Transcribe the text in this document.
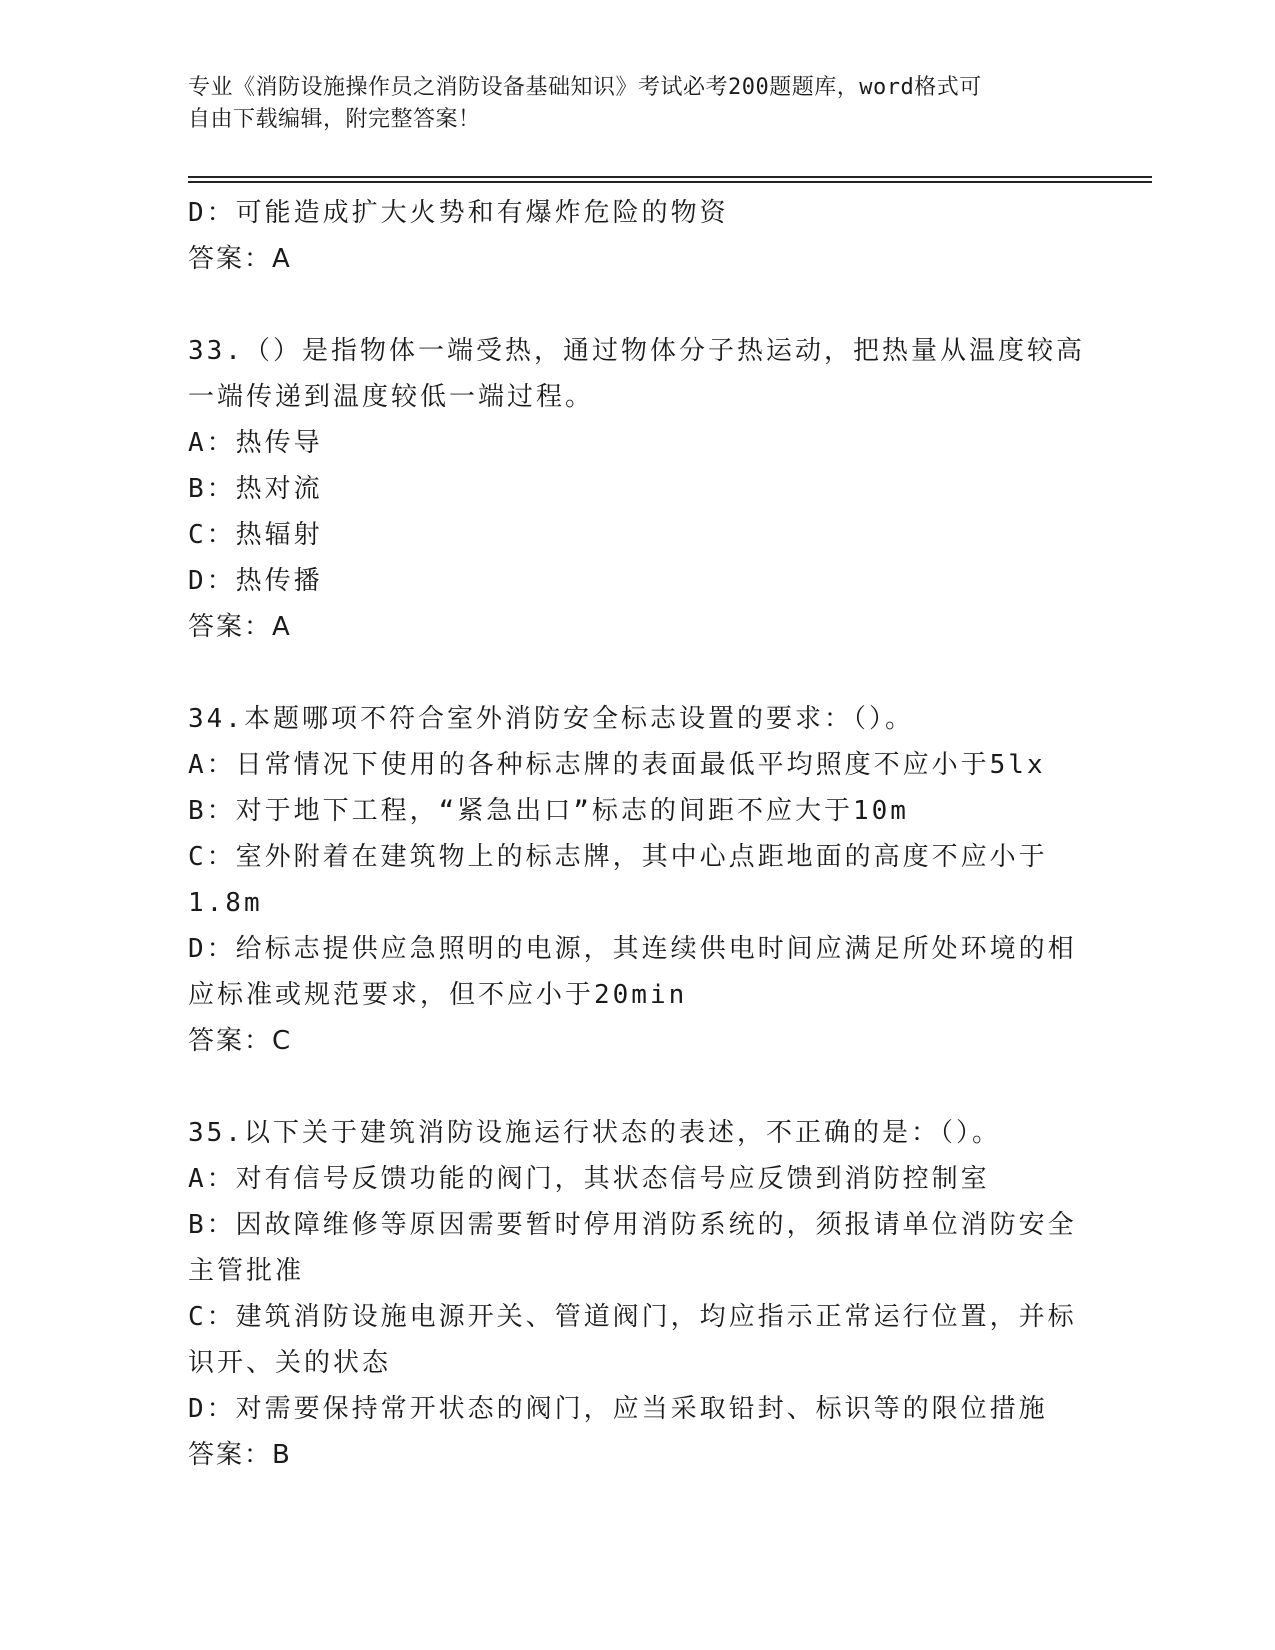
专业《消防设施操作员之消防设备基础知识》考试必考200题题库，word格式可
自由下载编辑，附完整答案！
D：可能造成扩大火势和有爆炸危险的物资
答案：A
33.（）是指物体一端受热，通过物体分子热运动，把热量从温度较高
一端传递到温度较低一端过程。
A：热传导
B：热对流
C：热辐射
D：热传播
答案：A
34.本题哪项不符合室外消防安全标志设置的要求：（）。
A：日常情况下使用的各种标志牌的表面最低平均照度不应小于5lx
B：对于地下工程，“紧急出口”标志的间距不应大于10m
C：室外附着在建筑物上的标志牌，其中心点距地面的高度不应小于
1.8m
D：给标志提供应急照明的电源，其连续供电时间应满足所处环境的相
应标准或规范要求，但不应小于20min
答案：C
35.以下关于建筑消防设施运行状态的表述，不正确的是：（）。
A：对有信号反馈功能的阀门，其状态信号应反馈到消防控制室
B：因故障维修等原因需要暂时停用消防系统的，须报请单位消防安全
主管批准
C：建筑消防设施电源开关、管道阀门，均应指示正常运行位置，并标
识开、关的状态
D：对需要保持常开状态的阀门，应当采取铅封、标识等的限位措施
答案：B
